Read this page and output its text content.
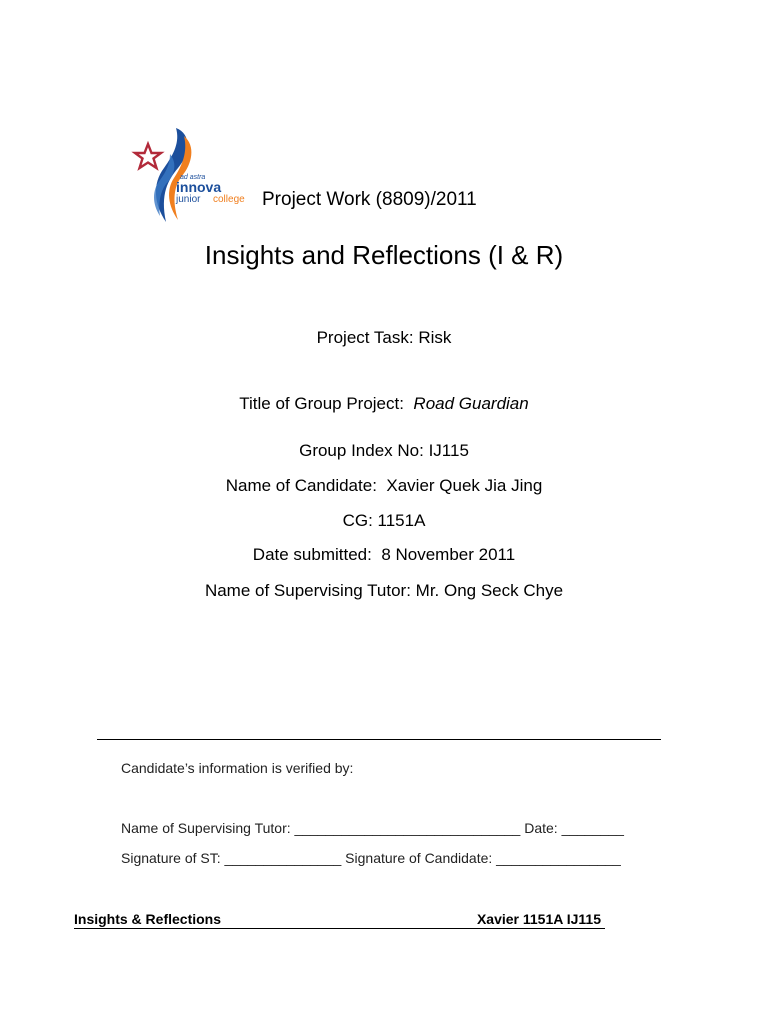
ad astra
innova
junior college Project Work (8809)/2011
Insights and Reflections (I & R)
Project Task: Risk
Title of Group Project: Road Guardian
Group Index No: IJ115
Name of Candidate: Xavier Quek Jia Jing
CG: 1151A
Date submitted: 8 November 2011
Name of Supervising Tutor: Mr. Ong Seck Chye
Candidate’s information is verified by:
Name of Supervising Tutor: _____________________________ Date: ________
Signature of ST: _______________ Signature of Candidate: ________________
Insights & Reflections	Xavier 1151A IJ115
